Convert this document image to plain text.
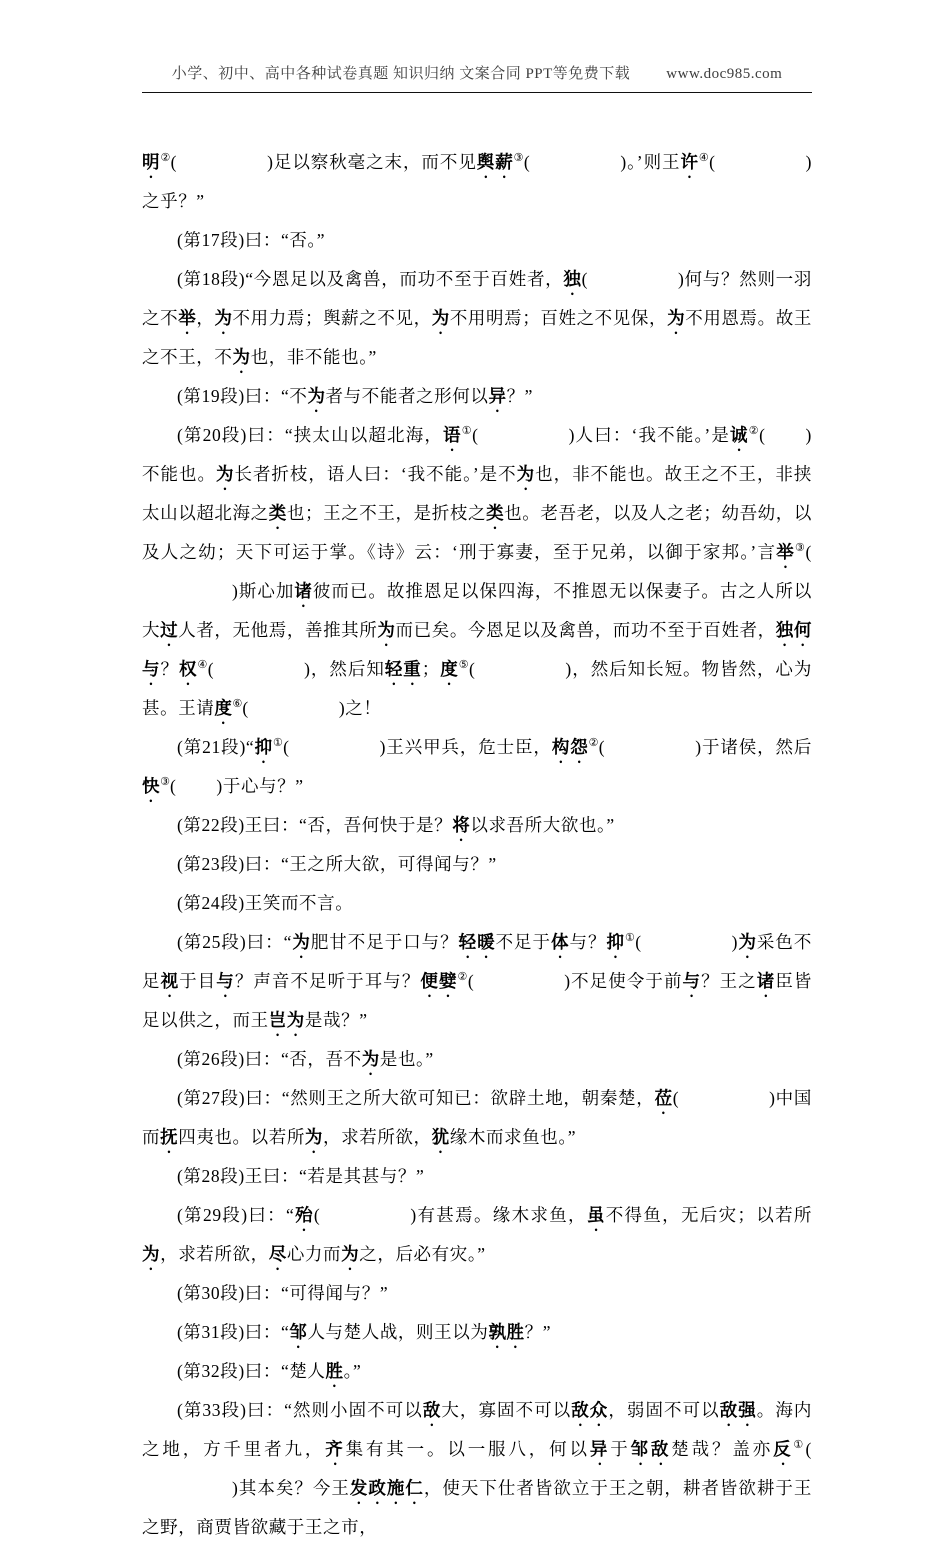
小学、初中、高中各种试卷真题 知识归纳 文案合同 PPT等免费下载 www.doc985.com

明②(	)足以察秋毫之末，而不见舆薪③(	)。’则王许④(	)之乎？”

(第17段)曰：“否。”

(第18段)“今恩足以及禽兽，而功不至于百姓者，独(	)何与？然则一羽之不举，为不用力焉；舆薪之不见，为不用明焉；百姓之不见保，为不用恩焉。故王之不王，不为也，非不能也。”

(第19段)曰：“不为者与不能者之形何以异？”

(第20段)曰：“挟太山以超北海，语①(	)人曰：‘我不能。’是诚②( )不能也。为长者折枝，语人曰：‘我不能。’是不为也，非不能也。故王之不王，非挟太山以超北海之类也；王之不王，是折枝之类也。老吾老，以及人之老；幼吾幼，以及人之幼；天下可运于掌。《诗》云：‘刑于寡妻，至于兄弟，以御于家邦。’言举③()斯心加诸彼而已。故推恩足以保四海，不推恩无以保妻子。古之人所以大过人者，无他焉，善推其所为而已矣。今恩足以及禽兽，而功不至于百姓者，独何与？权④(	)，然后知轻重；度⑤(	)，然后知长短。物皆然，心为甚。王请度⑥(	)之！

(第21段)“抑①(	)王兴甲兵，危士臣，构怨②(	)于诸侯，然后快③( )于心与？”

(第22段)王曰：“否，吾何快于是？将以求吾所大欲也。”

(第23段)曰：“王之所大欲，可得闻与？”

(第24段)王笑而不言。

(第25段)曰：“为肥甘不足于口与？轻暖不足于体与？抑①(	)为采色不足视于目与？声音不足听于耳与？便嬖②(	)不足使令于前与？王之诸臣皆足以供之，而王岂为是哉？”

(第26段)曰：“否，吾不为是也。”

(第27段)曰：“然则王之所大欲可知已：欲辟土地，朝秦楚，莅(	)中国而抚四夷也。以若所为，求若所欲，犹缘木而求鱼也。”

(第28段)王曰：“若是其甚与？”

(第29段)曰：“殆(	)有甚焉。缘木求鱼，虽不得鱼，无后灾；以若所为，求若所欲，尽心力而为之，后必有灾。”

(第30段)曰：“可得闻与？”

(第31段)曰：“邹人与楚人战，则王以为孰胜？”

(第32段)曰：“楚人胜。”

(第33段)曰：“然则小固不可以敌大，寡固不可以敌众，弱固不可以敌强。海内之地，方千里者九，齐集有其一。以一服八，何以异于邹敌楚哉？盖亦反①()其本矣？今王发政施仁，使天下仕者皆欲立于王之朝，耕者皆欲耕于王之野，商贾皆欲藏于王之市，
